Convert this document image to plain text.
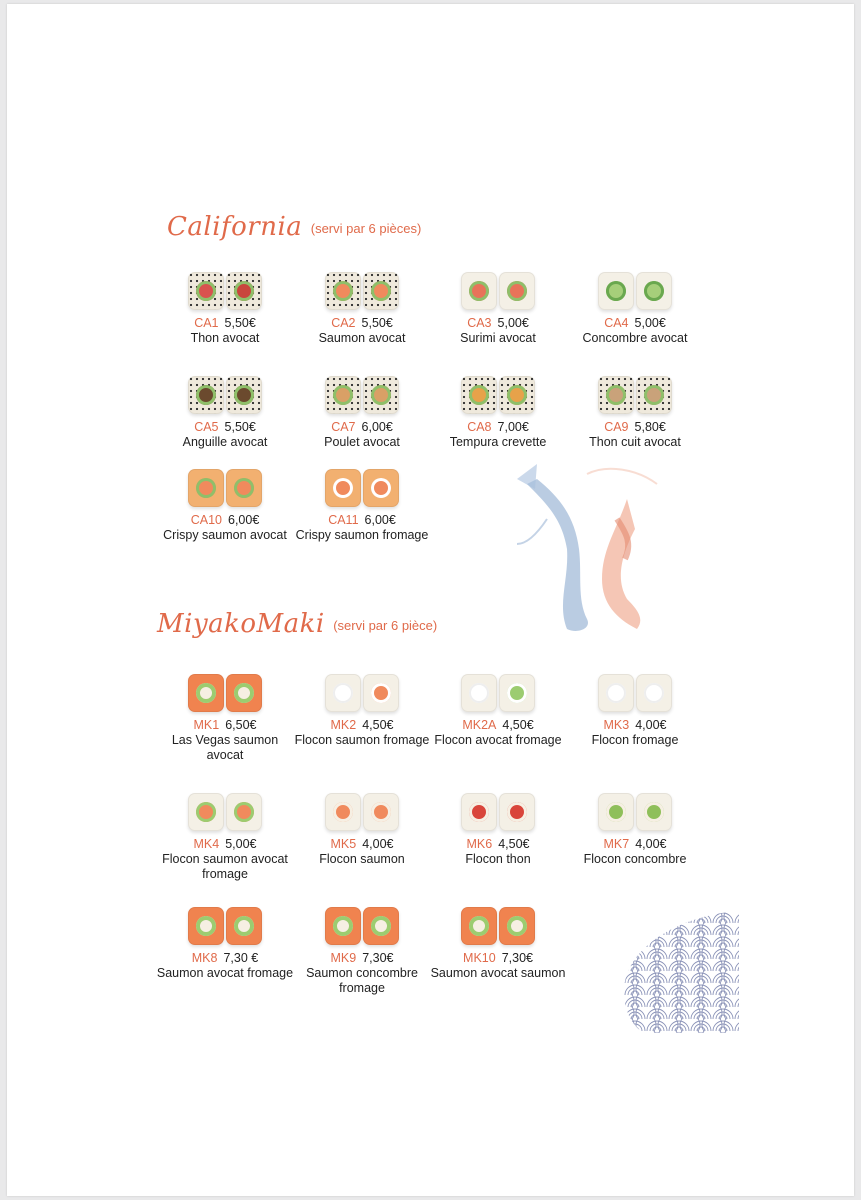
California (servi par 6 pièces)
CA1 5,50€
Thon avocat
CA2 5,50€
Saumon avocat
CA3 5,00€
Surimi avocat
CA4 5,00€
Concombre avocat
CA5 5,50€
Anguille avocat
CA7 6,00€
Poulet avocat
CA8 7,00€
Tempura crevette
CA9 5,80€
Thon cuit avocat
CA10 6,00€
Crispy saumon avocat
CA11 6,00€
Crispy saumon fromage
MiyakoMaki (servi par 6 pièce)
MK1 6,50€
Las Vegas saumon avocat
MK2 4,50€
Flocon saumon fromage
MK2A 4,50€
Flocon avocat fromage
MK3 4,00€
Flocon fromage
MK4 5,00€
Flocon saumon avocat fromage
MK5 4,00€
Flocon saumon
MK6 4,50€
Flocon thon
MK7 4,00€
Flocon concombre
MK8 7,30 €
Saumon avocat fromage
MK9 7,30€
Saumon concombre fromage
MK10 7,30€
Saumon avocat saumon
